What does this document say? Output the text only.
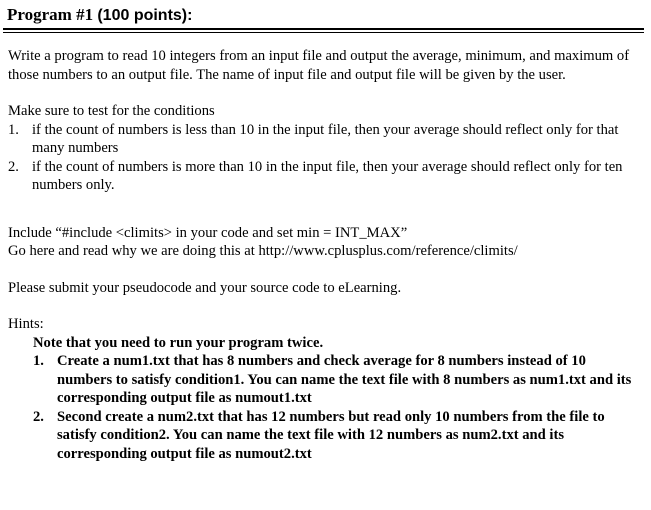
Program #1 (100 points):

Write a program to read 10 integers from an input file and output the average, minimum, and maximum of those numbers to an output file. The name of input file and output file will be given by the user.

Make sure to test for the conditions

1. if the count of numbers is less than 10 in the input file, then your average should reflect only for that many numbers
2. if the count of numbers is more than 10 in the input file, then your average should reflect only for ten numbers only.

Include “#include <climits> in your code and set min = INT_MAX”

Go here and read why we are doing this at http://www.cplusplus.com/reference/climits/

Please submit your pseudocode and your source code to eLearning.

Hints:

Note that you need to run your program twice.

1. Create a num1.txt that has 8 numbers and check average for 8 numbers instead of 10 numbers to satisfy condition1. You can name the text file with 8 numbers as num1.txt and its corresponding output file as numout1.txt
2. Second create a num2.txt that has 12 numbers but read only 10 numbers from the file to satisfy condition2. You can name the text file with 12 numbers as num2.txt and its corresponding output file as numout2.txt
